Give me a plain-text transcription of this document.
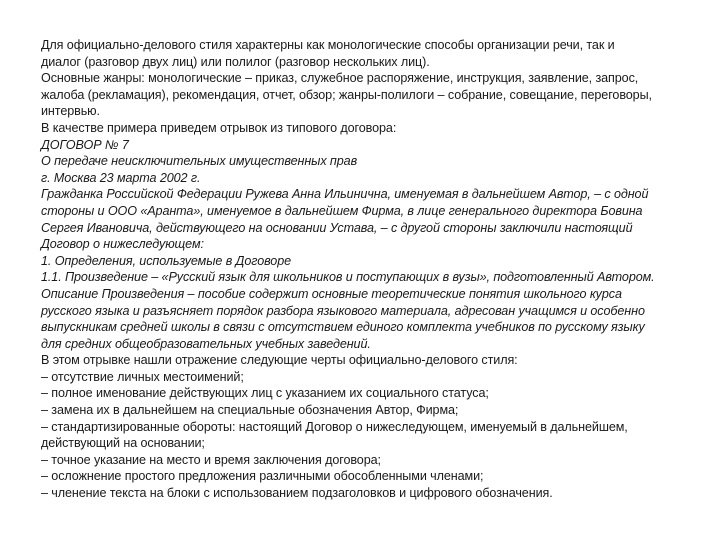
Для официально-делового стиля характерны как монологические способы организации речи, так и
диалог (разговор двух лиц) или полилог (разговор нескольких лиц).
Основные жанры: монологические – приказ, служебное распоряжение, инструкция, заявление, запрос,
жалоба (рекламация), рекомендация, отчет, обзор; жанры-полилоги – собрание, совещание, переговоры,
интервью.
В качестве примера приведем отрывок из типового договора:
ДОГОВОР № 7
О передаче неисключительных имущественных прав
г. Москва 23 марта 2002 г.
Гражданка Российской Федерации Ружева Анна Ильинична, именуемая в дальнейшем Автор, – с одной
стороны и ООО «Аранта», именуемое в дальнейшем Фирма, в лице генерального директора Бовина
Сергея Ивановича, действующего на основании Устава, – с другой стороны заключили настоящий
Договор о нижеследующем:
1. Определения, используемые в Договоре
1.1. Произведение – «Русский язык для школьников и поступающих в вузы», подготовленный Автором.
Описание Произведения – пособие содержит основные теоретические понятия школьного курса
русского языка и разъясняет порядок разбора языкового материала, адресован учащимся и особенно
выпускникам средней школы в связи с отсутствием единого комплекта учебников по русскому языку
для средних общеобразовательных учебных заведений.
В этом отрывке нашли отражение следующие черты официально-делового стиля:
– отсутствие личных местоимений;
– полное именование действующих лиц с указанием их социального статуса;
– замена их в дальнейшем на специальные обозначения Автор, Фирма;
– стандартизированные обороты: настоящий Договор о нижеследующем, именуемый в дальнейшем,
действующий на основании;
– точное указание на место и время заключения договора;
– осложнение простого предложения различными обособленными членами;
– членение текста на блоки с использованием подзаголовков и цифрового обозначения.
